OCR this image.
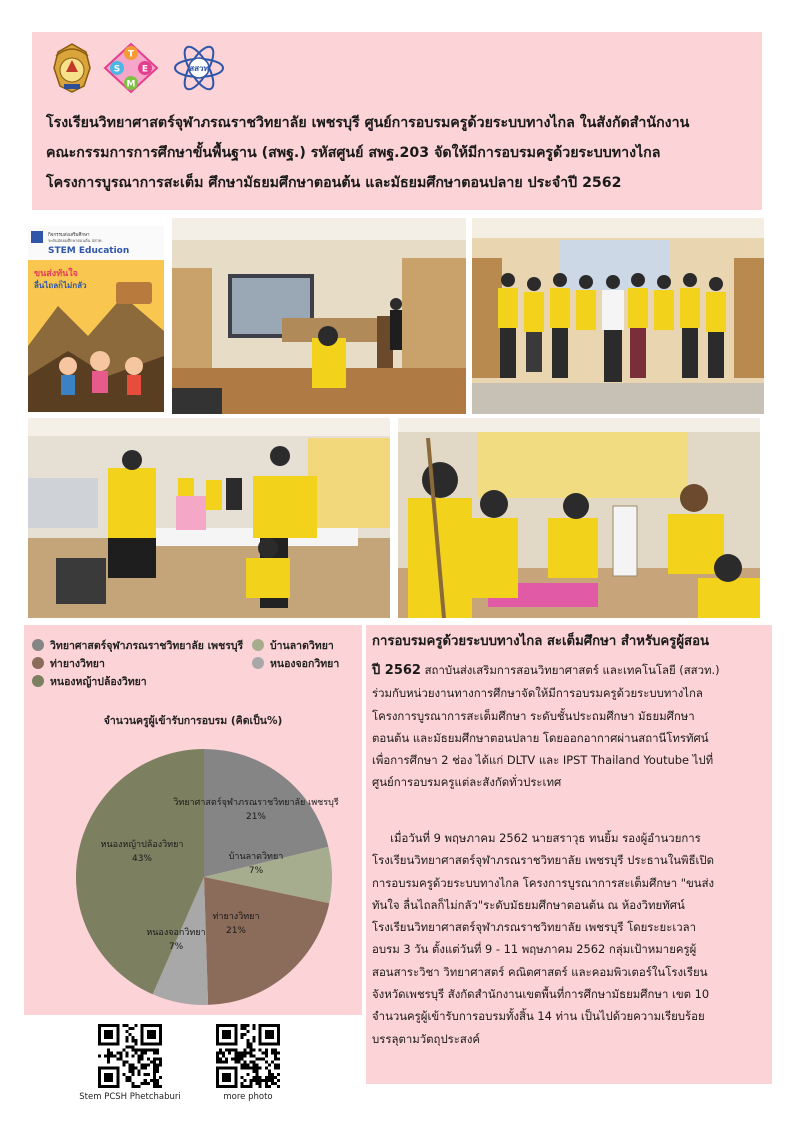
T
S E
M
สสวท
โรงเรียนวิทยาศาสตร์จุฬาภรณราชวิทยาลัย เพชรบุรี ศูนย์การอบรมครูด้วยระบบทางไกล ในสังกัดสำนักงาน
คณะกรรมการการศึกษาขั้นพื้นฐาน (สพฐ.) รหัสศูนย์ สพฐ.203 จัดให้มีการอบรมครูด้วยระบบทางไกล
โครงการบูรณาการสะเต็ม ศึกษามัธยมศึกษาตอนต้น และมัธยมศึกษาตอนปลาย ประจำปี 2562
กิจกรรมส่งเสริมศึกษา
ระดับมัธยมศึกษาตอนต้น สสวท.
STEM Education
ขนส่งทันใจ
ลื่นไถลก็ไม่กลัว
วิทยาศาสตร์จุฬาภรณราชวิทยาลัย เพชรบุรี
ท่ายางวิทยา
หนองหญ้าปล้องวิทยา
บ้านลาดวิทยา
หนองจอกวิทยา
จำนวนครูผู้เข้ารับการอบรม (คิดเป็น%)
วิทยาศาสตร์จุฬาภรณราชวิทยาลัย เพชรบุรี
21%
บ้านลาดวิทยา
7%
ท่ายางวิทยา
21%
หนองจอกวิทยา
7%
หนองหญ้าปล้องวิทยา
43%
การอบรมครูด้วยระบบทางไกล สะเต็มศึกษา สำหรับครูผู้สอน
ปี 2562 สถาบันส่งเสริมการสอนวิทยาศาสตร์ และเทคโนโลยี (สสวท.)
ร่วมกับหน่วยงานทางการศึกษาจัดให้มีการอบรมครูด้วยระบบทางไกล
โครงการบูรณาการสะเต็มศึกษา ระดับชั้นประถมศึกษา มัธยมศึกษา
ตอนต้น และมัธยมศึกษาตอนปลาย โดยออกอากาศผ่านสถานีโทรทัศน์
เพื่อการศึกษา 2 ช่อง ได้แก่ DLTV และ IPST Thailand Youtube ไปที่
ศูนย์การอบรมครูแต่ละสังกัดทั่วประเทศ
เมื่อวันที่ 9 พฤษภาคม 2562 นายสราวุธ ทนยิ้ม รองผู้อำนวยการ
โรงเรียนวิทยาศาสตร์จุฬาภรณราชวิทยาลัย เพชรบุรี ประธานในพิธีเปิด
การอบรมครูด้วยระบบทางไกล โครงการบูรณาการสะเต็มศึกษา "ขนส่ง
ทันใจ ลื่นไถลก็ไม่กลัว"ระดับมัธยมศึกษาตอนต้น ณ ห้องวิทยทัศน์
โรงเรียนวิทยาศาสตร์จุฬาภรณราชวิทยาลัย เพชรบุรี โดยระยะเวลา
อบรม 3 วัน ตั้งแต่วันที่ 9 - 11 พฤษภาคม 2562 กลุ่มเป้าหมายครูผู้
สอนสาระวิชา วิทยาศาสตร์ คณิตศาสตร์ และคอมพิวเตอร์ในโรงเรียน
จังหวัดเพชรบุรี สังกัดสำนักงานเขตพื้นที่การศึกษามัธยมศึกษา เขต 10
จำนวนครูผู้เข้ารับการอบรมทั้งสิ้น 14 ท่าน เป็นไปด้วยความเรียบร้อย
บรรลุตามวัตถุประสงค์
Stem PCSH Phetchaburi	more photo
